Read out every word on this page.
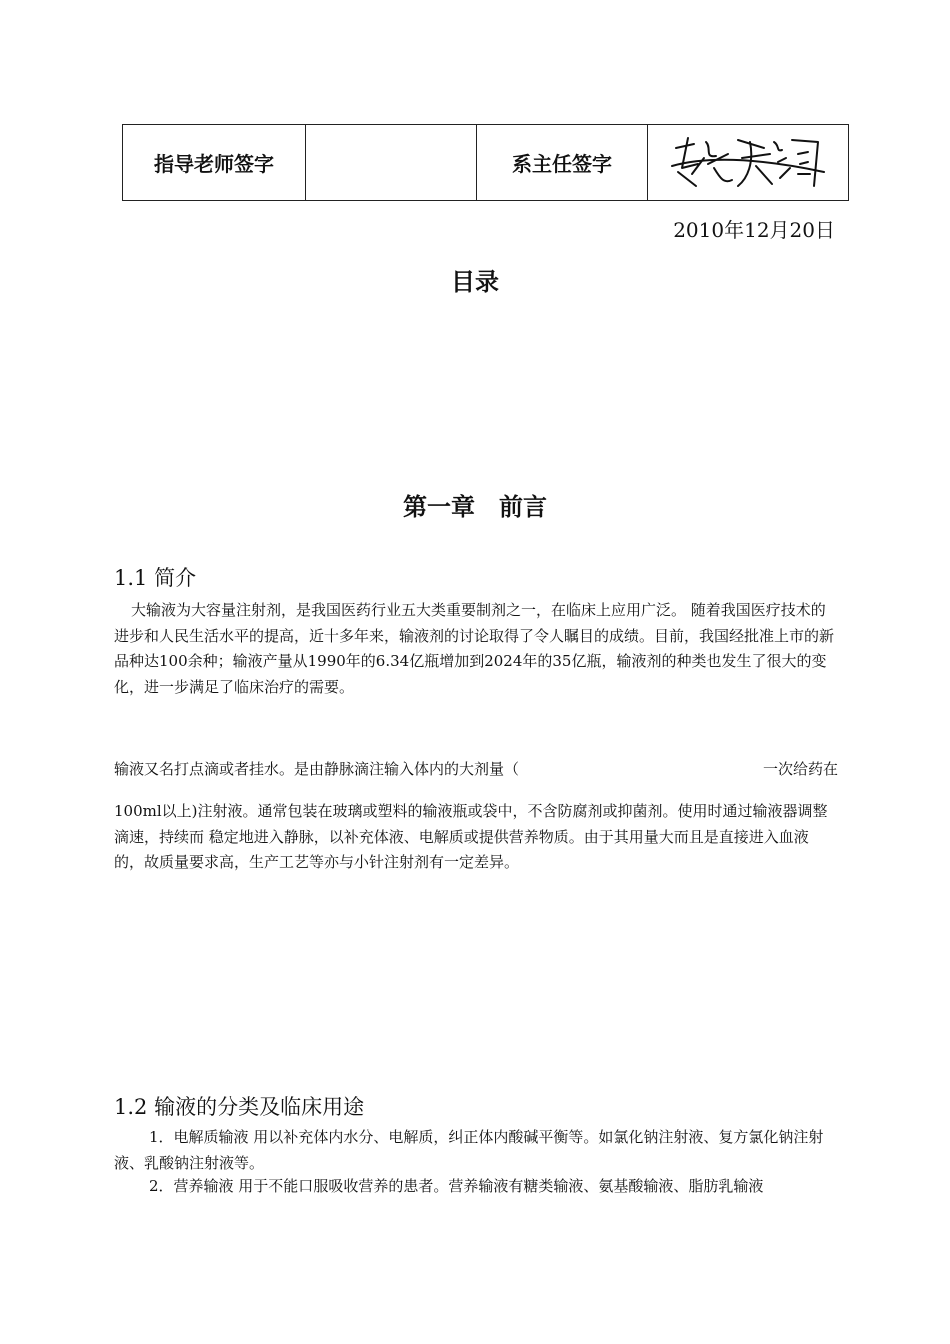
指导老师签字		系主任签字	
2010年12月20日
目录
第一章　前言
1.1 简介

大输液为大容量注射剂，是我国医药行业五大类重要制剂之一，在临床上应用广泛。 随着我国医疗技术的进步和人民生活水平的提高，近十多年来，输液剂的讨论取得了令人瞩目的成绩。目前，我国经批准上市的新品种达100余种；输液产量从1990年的6.34亿瓶增加到2024年的35亿瓶，输液剂的种类也发生了很大的变化，进一步满足了临床治疗的需要。

输液又名打点滴或者挂水。是由静脉滴注输入体内的大剂量（	一次给药在

100ml以上)注射液。通常包装在玻璃或塑料的输液瓶或袋中，不含防腐剂或抑菌剂。使用时通过输液器调整滴速，持续而 稳定地进入静脉，以补充体液、电解质或提供营养物质。由于其用量大而且是直接进入血液的，故质量要求高，生产工艺等亦与小针注射剂有一定差异。

1.2 输液的分类及临床用途

1．电解质输液 用以补充体内水分、电解质，纠正体内酸碱平衡等。如氯化钠注射液、复方氯化钠注射液、乳酸钠注射液等。

2．营养输液 用于不能口服吸收营养的患者。营养输液有糖类输液、氨基酸输液、脂肪乳输液
